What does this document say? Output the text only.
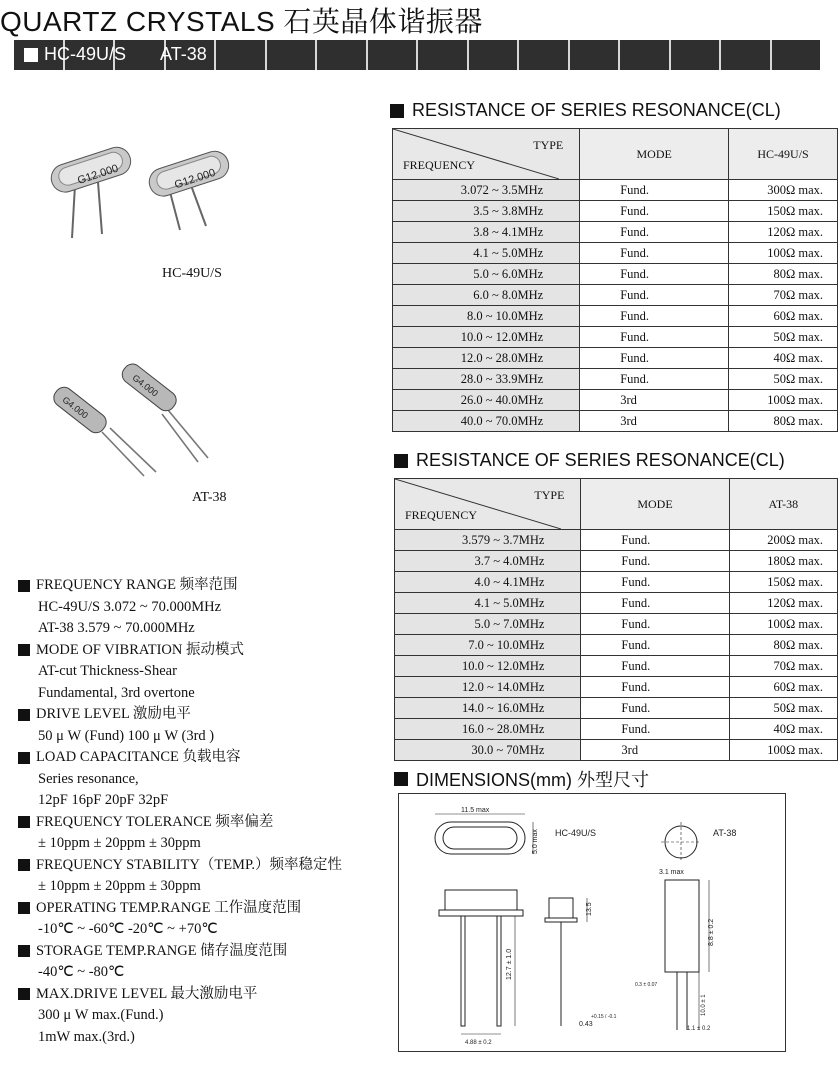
QUARTZ CRYSTALS 石英晶体谐振器
HC-49U/S AT-38
G12.000	G12.000
HC-49U/S
G4.000
G4.000
AT-38
RESISTANCE OF SERIES RESONANCE(CL)
TYPE
FREQUENCY	MODE	HC-49U/S
3.072 ~ 3.5MHz	Fund.	300Ω max.
3.5 ~ 3.8MHz	Fund.	150Ω max.
3.8 ~ 4.1MHz	Fund.	120Ω max.
4.1 ~ 5.0MHz	Fund.	100Ω max.
5.0 ~ 6.0MHz	Fund.	80Ω max.
6.0 ~ 8.0MHz	Fund.	70Ω max.
8.0 ~ 10.0MHz	Fund.	60Ω max.
10.0 ~ 12.0MHz	Fund.	50Ω max.
12.0 ~ 28.0MHz	Fund.	40Ω max.
28.0 ~ 33.9MHz	Fund.	50Ω max.
26.0 ~ 40.0MHz	3rd	100Ω max.
40.0 ~ 70.0MHz	3rd	80Ω max.
RESISTANCE OF SERIES RESONANCE(CL)
TYPE
FREQUENCY	MODE	AT-38
3.579 ~ 3.7MHz	Fund.	200Ω max.
3.7 ~ 4.0MHz	Fund.	180Ω max.
4.0 ~ 4.1MHz	Fund.	150Ω max.
4.1 ~ 5.0MHz	Fund.	120Ω max.
5.0 ~ 7.0MHz	Fund.	100Ω max.
7.0 ~ 10.0MHz	Fund.	80Ω max.
10.0 ~ 12.0MHz	Fund.	70Ω max.
12.0 ~ 14.0MHz	Fund.	60Ω max.
14.0 ~ 16.0MHz	Fund.	50Ω max.
16.0 ~ 28.0MHz	Fund.	40Ω max.
30.0 ~ 70MHz	3rd	100Ω max.
FREQUENCY RANGE 频率范围
HC-49U/S 3.072 ~ 70.000MHz
AT-38 3.579 ~ 70.000MHz
MODE OF VIBRATION 振动模式
AT-cut Thickness-Shear
Fundamental, 3rd overtone
DRIVE LEVEL 激励电平
50 μ W (Fund) 100 μ W (3rd )
LOAD CAPACITANCE 负载电容
Series resonance,
12pF 16pF 20pF 32pF
FREQUENCY TOLERANCE 频率偏差
± 10ppm ± 20ppm ± 30ppm
FREQUENCY STABILITY（TEMP.）频率稳定性
± 10ppm ± 20ppm ± 30ppm
OPERATING TEMP.RANGE 工作温度范围
-10℃ ~ -60℃ -20℃ ~ +70℃
STORAGE TEMP.RANGE 储存温度范围
-40℃ ~ -80℃
MAX.DRIVE LEVEL 最大激励电平
300 μ W max.(Fund.)
1mW max.(3rd.)
DIMENSIONS(mm) 外型尺寸
11.5 max
5.0 max HC-49U/S
12.7 ± 1.0
4.88 ± 0.2
13.5
0.43
+0.15 / -0.1
AT-38
3.1 max
8.8 ± 0.2
0.3 ± 0.07
10.0 ± 1
1.1 ± 0.2
